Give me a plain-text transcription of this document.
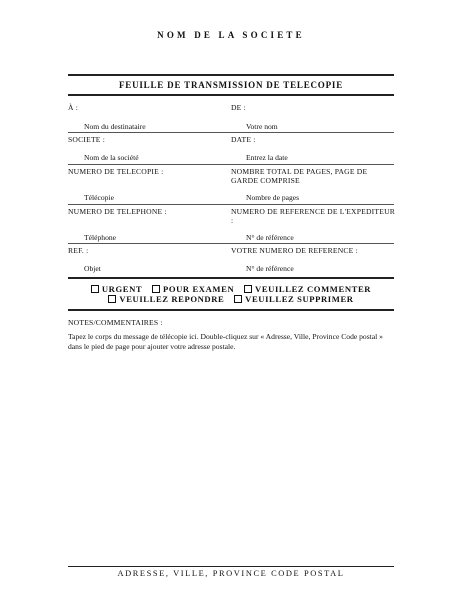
NOM DE LA SOCIETE
FEUILLE DE TRANSMISSION DE TELECOPIE
À :	DE :
Nom du destinataire	Votre nom
SOCIETE :	DATE :
Nom de la société	Entrez la date
NUMERO DE TELECOPIE :	NOMBRE TOTAL DE PAGES, PAGE DE GARDE COMPRISE
Télécopie	Nombre de pages
NUMERO DE TELEPHONE :	NUMERO DE REFERENCE DE L'EXPEDITEUR :
Téléphone	N° de référence
REF. :	VOTRE NUMERO DE REFERENCE :
Objet	N° de référence
URGENT POUR EXAMEN VEUILLEZ COMMENTER
VEUILLEZ REPONDRE VEUILLEZ SUPPRIMER
NOTES/COMMENTAIRES :
Tapez le corps du message de télécopie ici. Double-cliquez sur « Adresse, Ville, Province Code postal » dans le pied de page pour ajouter votre adresse postale.
ADRESSE, VILLE, PROVINCE CODE POSTAL
